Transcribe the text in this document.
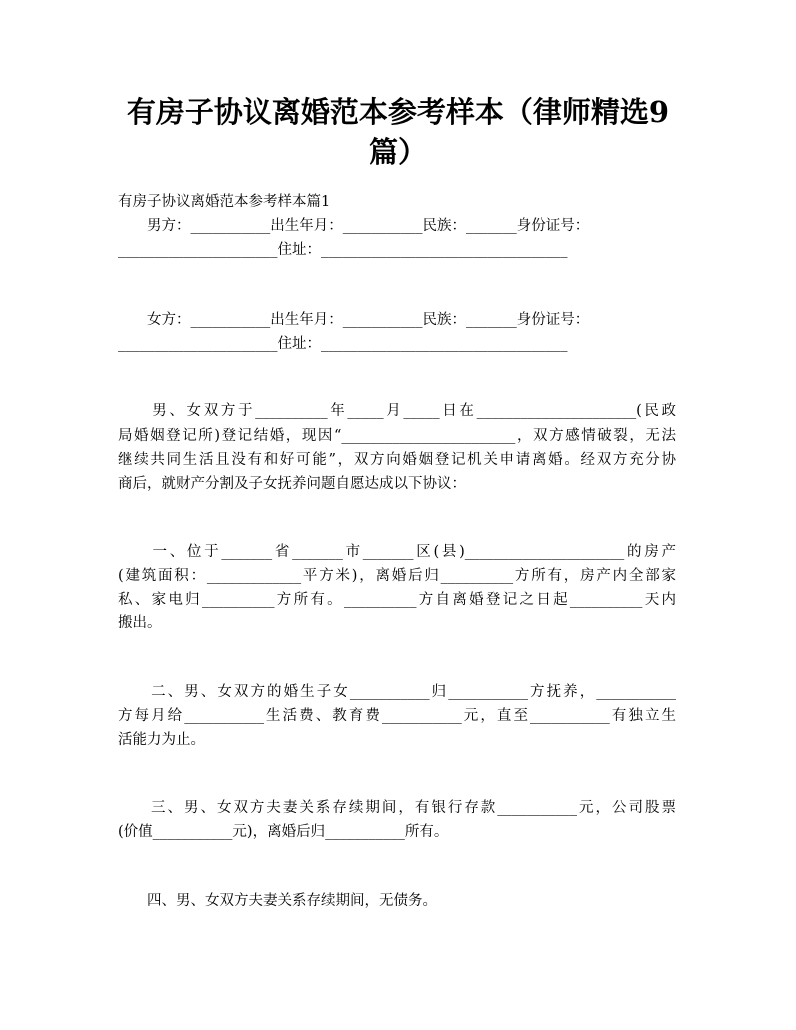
有房子协议离婚范本参考样本（律师精选9
篇）
有房子协议离婚范本参考样本篇1
　　男方：___________出生年月：___________民族：_______身份证号：
______________________住址：__________________________________
　　女方：___________出生年月：___________民族：_______身份证号：
______________________住址：__________________________________
　　男、女双方于__________年_____月_____日在______________________(民政
局婚姻登记所)登记结婚，现因“________________________，双方感情破裂，无法
继续共同生活且没有和好可能”，双方向婚姻登记机关申请离婚。经双方充分协
商后，就财产分割及子女抚养问题自愿达成以下协议：
　　一、位于_______省_______市_______区(县)______________________的房产
(建筑面积：_____________平方米)，离婚后归__________方所有，房产内全部家
私、家电归__________方所有。__________方自离婚登记之日起__________天内
搬出。
　　二、男、女双方的婚生子女___________归___________方抚养，___________
方每月给___________生活费、教育费___________元，直至___________有独立生
活能力为止。
　　三、男、女双方夫妻关系存续期间，有银行存款___________元，公司股票
(价值___________元)，离婚后归___________所有。
　　四、男、女双方夫妻关系存续期间，无债务。
